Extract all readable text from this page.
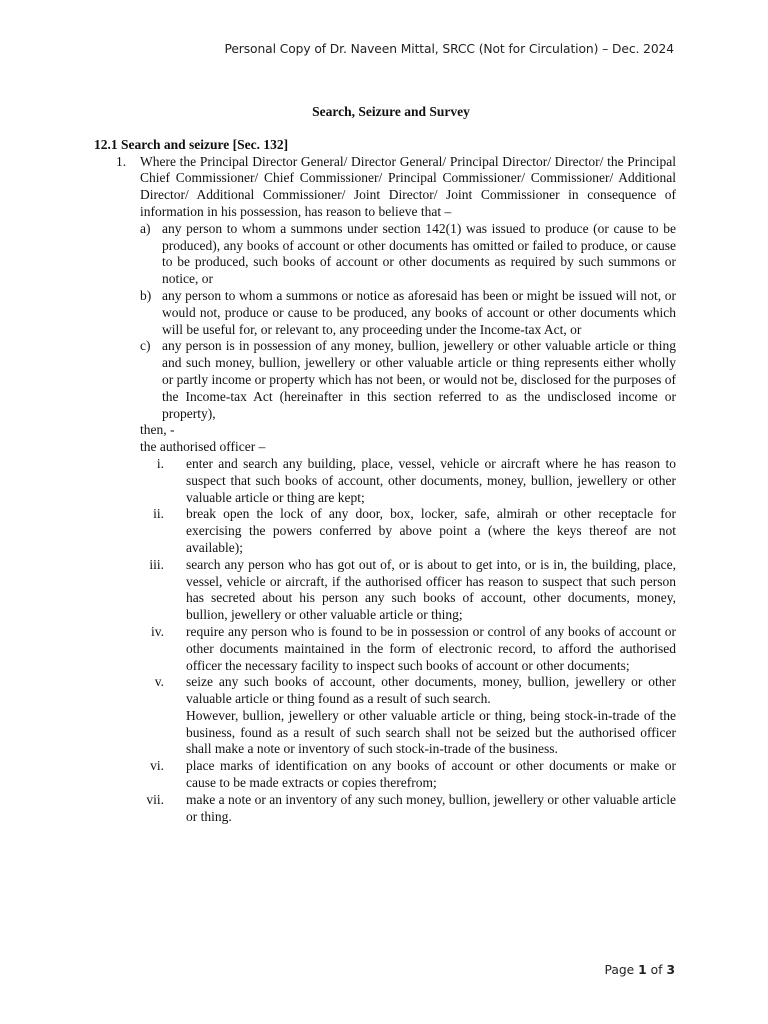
Personal Copy of Dr. Naveen Mittal, SRCC (Not for Circulation) – Dec. 2024
Search, Seizure and Survey
12.1 Search and seizure [Sec. 132]
1. Where the Principal Director General/ Director General/ Principal Director/ Director/ the Principal Chief Commissioner/ Chief Commissioner/ Principal Commissioner/ Commissioner/ Additional Director/ Additional Commissioner/ Joint Director/ Joint Commissioner in consequence of information in his possession, has reason to believe that –
a) any person to whom a summons under section 142(1) was issued to produce (or cause to be produced), any books of account or other documents has omitted or failed to produce, or cause to be produced, such books of account or other documents as required by such summons or notice, or
b) any person to whom a summons or notice as aforesaid has been or might be issued will not, or would not, produce or cause to be produced, any books of account or other documents which will be useful for, or relevant to, any proceeding under the Income-tax Act, or
c) any person is in possession of any money, bullion, jewellery or other valuable article or thing and such money, bullion, jewellery or other valuable article or thing represents either wholly or partly income or property which has not been, or would not be, disclosed for the purposes of the Income-tax Act (hereinafter in this section referred to as the undisclosed income or property),
then, -
the authorised officer –
i. enter and search any building, place, vessel, vehicle or aircraft where he has reason to suspect that such books of account, other documents, money, bullion, jewellery or other valuable article or thing are kept;
ii. break open the lock of any door, box, locker, safe, almirah or other receptacle for exercising the powers conferred by above point a (where the keys thereof are not available);
iii. search any person who has got out of, or is about to get into, or is in, the building, place, vessel, vehicle or aircraft, if the authorised officer has reason to suspect that such person has secreted about his person any such books of account, other documents, money, bullion, jewellery or other valuable article or thing;
iv. require any person who is found to be in possession or control of any books of account or other documents maintained in the form of electronic record, to afford the authorised officer the necessary facility to inspect such books of account or other documents;
v. seize any such books of account, other documents, money, bullion, jewellery or other valuable article or thing found as a result of such search.
However, bullion, jewellery or other valuable article or thing, being stock-in-trade of the business, found as a result of such search shall not be seized but the authorised officer shall make a note or inventory of such stock-in-trade of the business.
vi. place marks of identification on any books of account or other documents or make or cause to be made extracts or copies therefrom;
vii. make a note or an inventory of any such money, bullion, jewellery or other valuable article or thing.
Page 1 of 3
